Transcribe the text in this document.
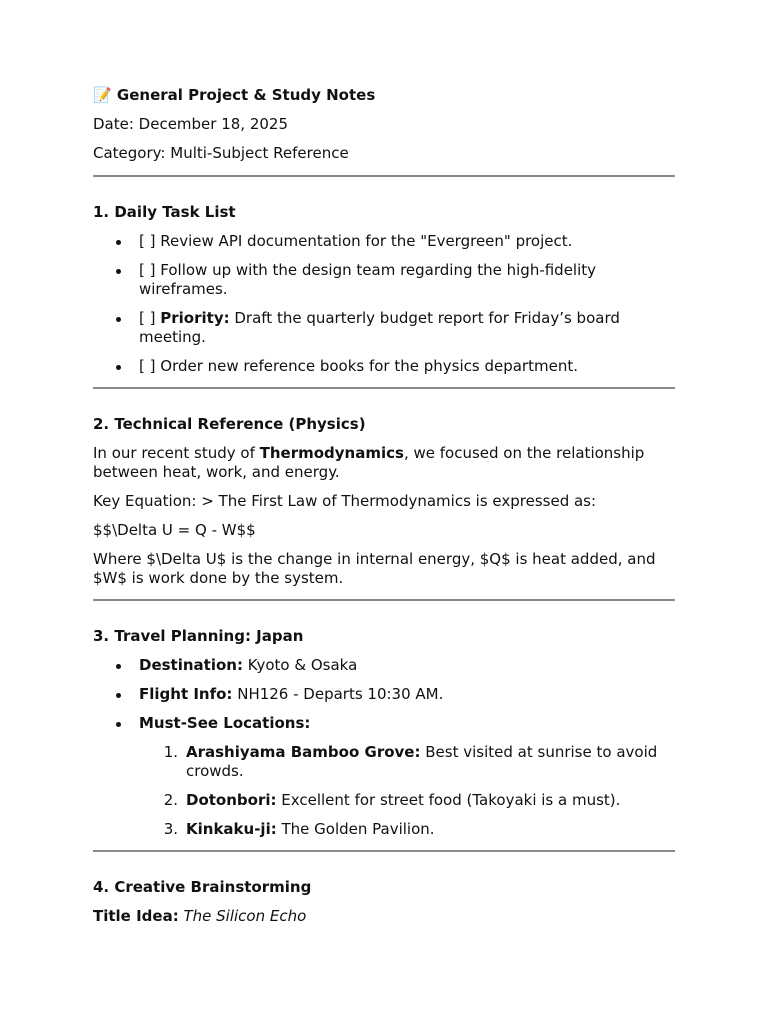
📝 General Project & Study Notes

Date: December 18, 2025

Category: Multi-Subject Reference

1. Daily Task List

[ ] Review API documentation for the "Evergreen" project.
[ ] Follow up with the design team regarding the high-fidelity wireframes.
[ ] Priority: Draft the quarterly budget report for Friday’s board meeting.
[ ] Order new reference books for the physics department.

2. Technical Reference (Physics)

In our recent study of Thermodynamics, we focused on the relationship between heat, work, and energy.

Key Equation: > The First Law of Thermodynamics is expressed as:

$$\Delta U = Q - W$$

Where $\Delta U$ is the change in internal energy, $Q$ is heat added, and $W$ is work done by the system.

3. Travel Planning: Japan

Destination: Kyoto & Osaka
Flight Info: NH126 - Departs 10:30 AM.
Must-See Locations:
1. Arashiyama Bamboo Grove: Best visited at sunrise to avoid crowds.
2. Dotonbori: Excellent for street food (Takoyaki is a must).
3. Kinkaku-ji: The Golden Pavilion.

4. Creative Brainstorming

Title Idea: The Silicon Echo
